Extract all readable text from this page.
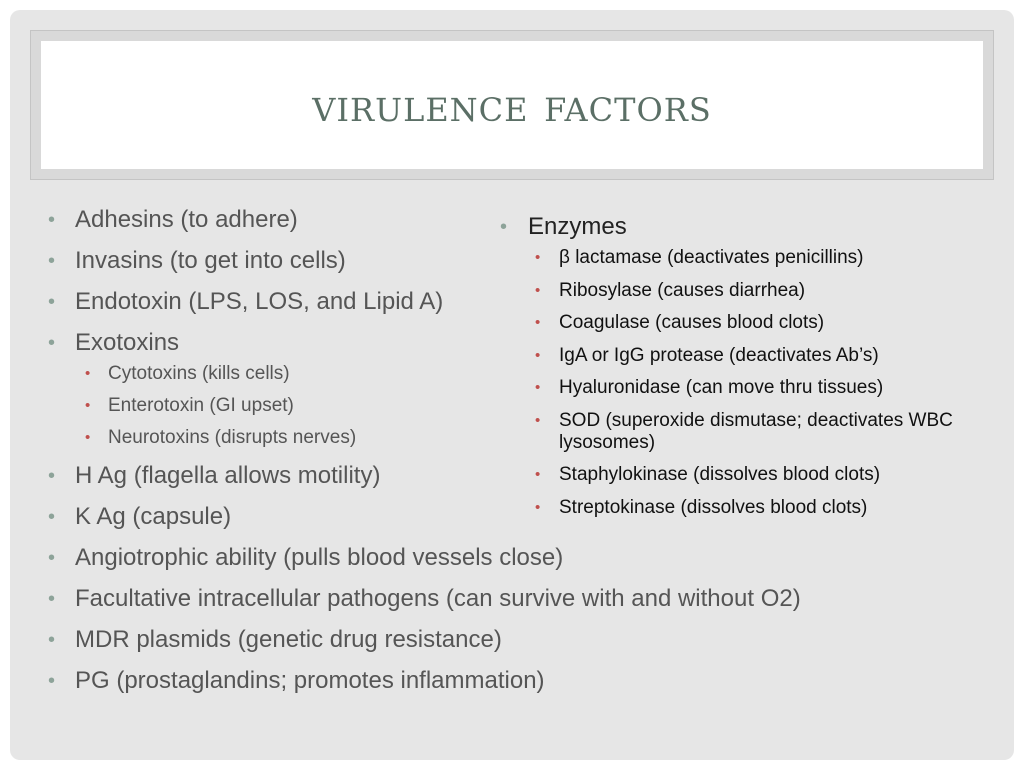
virulence factors
• Adhesins (to adhere)
• Invasins (to get into cells)
• Endotoxin (LPS, LOS, and Lipid A)
• Exotoxins
• Cytotoxins (kills cells)
• Enterotoxin (GI upset)
• Neurotoxins (disrupts nerves)
• H Ag (flagella allows motility)
• K Ag (capsule)
• Angiotrophic ability (pulls blood vessels close)
• Facultative intracellular pathogens (can survive with and without O2)
• MDR plasmids (genetic drug resistance)
• PG (prostaglandins; promotes inflammation)
• Enzymes
• β lactamase (deactivates penicillins)
• Ribosylase (causes diarrhea)
• Coagulase (causes blood clots)
• IgA or IgG protease (deactivates Ab’s)
• Hyaluronidase (can move thru tissues)
• SOD (superoxide dismutase; deactivates WBC lysosomes)
• Staphylokinase (dissolves blood clots)
• Streptokinase (dissolves blood clots)
